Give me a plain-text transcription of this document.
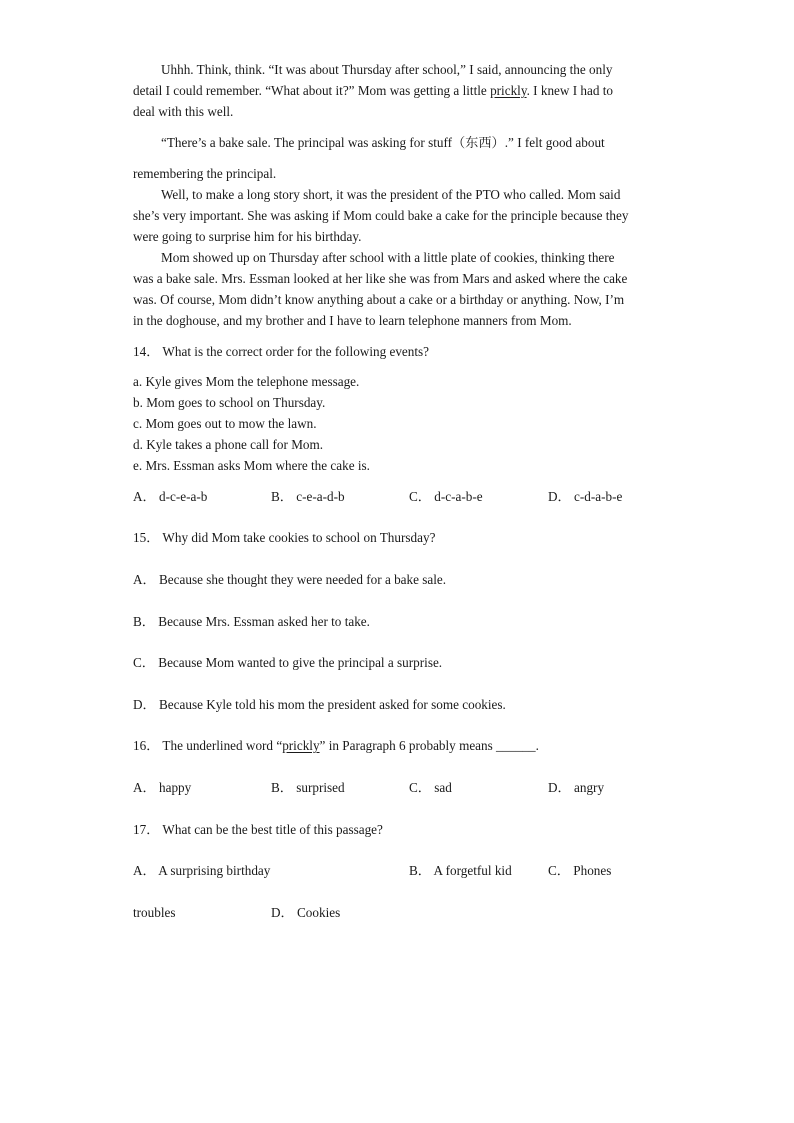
Uhhh. Think, think. “It was about Thursday after school,” I said, announcing the only
detail I could remember. “What about it?” Mom was getting a little prickly. I knew I had to
deal with this well.
“There’s a bake sale. The principal was asking for stuff（东西）.” I felt good about
remembering the principal.
Well, to make a long story short, it was the president of the PTO who called. Mom said
she’s very important. She was asking if Mom could bake a cake for the principle because they
were going to surprise him for his birthday.
Mom showed up on Thursday after school with a little plate of cookies, thinking there
was a bake sale. Mrs. Essman looked at her like she was from Mars and asked where the cake
was. Of course, Mom didn’t know anything about a cake or a birthday or anything. Now, I’m
in the doghouse, and my brother and I have to learn telephone manners from Mom.
14． What is the correct order for the following events?
a. Kyle gives Mom the telephone message.
b. Mom goes to school on Thursday.
c. Mom goes out to mow the lawn.
d. Kyle takes a phone call for Mom.
e. Mrs. Essman asks Mom where the cake is.
A． d-c-e-a-b	B． c-e-a-d-b	C． d-c-a-b-e	D． c-d-a-b-e
15． Why did Mom take cookies to school on Thursday?
A． Because she thought they were needed for a bake sale.
B． Because Mrs. Essman asked her to take.
C． Because Mom wanted to give the principal a surprise.
D． Because Kyle told his mom the president asked for some cookies.
16． The underlined word “prickly” in Paragraph 6 probably means ______.
A． happy	B． surprised	C． sad	D． angry
17． What can be the best title of this passage?
A． A surprising birthday	B． A forgetful kid	C． Phones
troubles	D． Cookies
